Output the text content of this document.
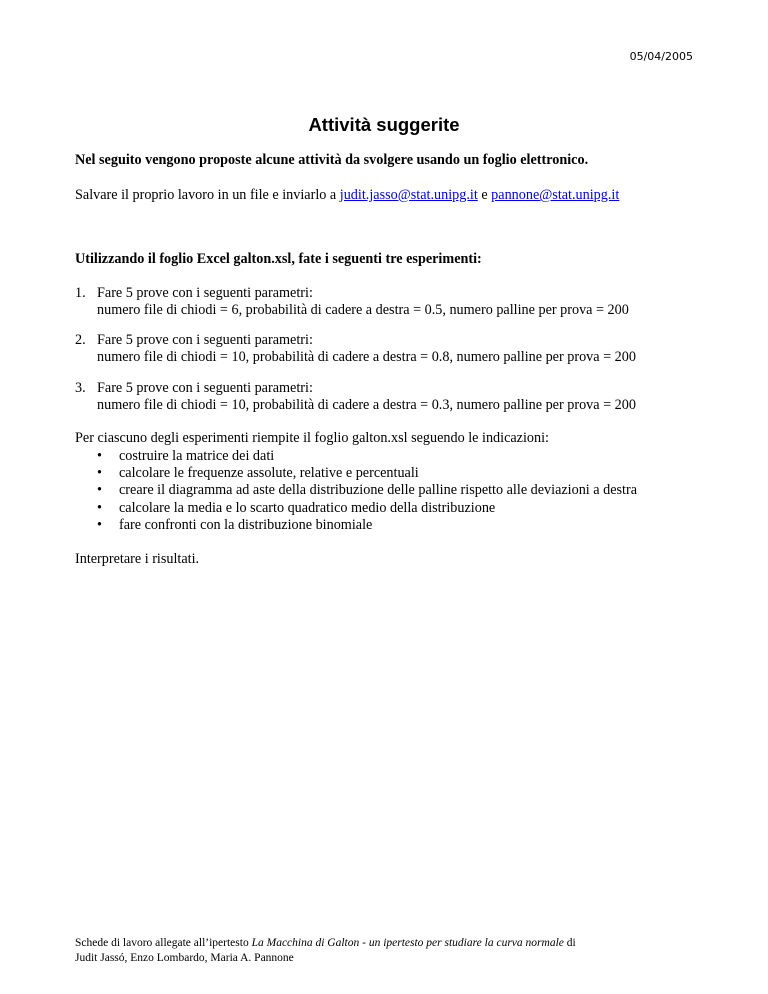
05/04/2005
Attività suggerite
Nel seguito vengono proposte alcune attività da svolgere usando un foglio elettronico.
Salvare il proprio lavoro in un file e inviarlo a judit.jasso@stat.unipg.it e pannone@stat.unipg.it
Utilizzando il foglio Excel galton.xsl, fate i seguenti tre esperimenti:
1. Fare 5 prove con i seguenti parametri:
numero file di chiodi = 6, probabilità di cadere a destra = 0.5, numero palline per prova = 200
2. Fare 5 prove con i seguenti parametri:
numero file di chiodi = 10, probabilità di cadere a destra = 0.8, numero palline per prova = 200
3. Fare 5 prove con i seguenti parametri:
numero file di chiodi = 10, probabilità di cadere a destra = 0.3, numero palline per prova = 200
Per ciascuno degli esperimenti riempite il foglio galton.xsl seguendo le indicazioni:
• costruire la matrice dei dati
• calcolare le frequenze assolute, relative e percentuali
• creare il diagramma ad aste della distribuzione delle palline rispetto alle deviazioni a destra
• calcolare la media e lo scarto quadratico medio della distribuzione
• fare confronti con la distribuzione binomiale
Interpretare i risultati.
Schede di lavoro allegate all’ipertesto La Macchina di Galton - un ipertesto per studiare la curva normale di
Judit Jassó, Enzo Lombardo, Maria A. Pannone
